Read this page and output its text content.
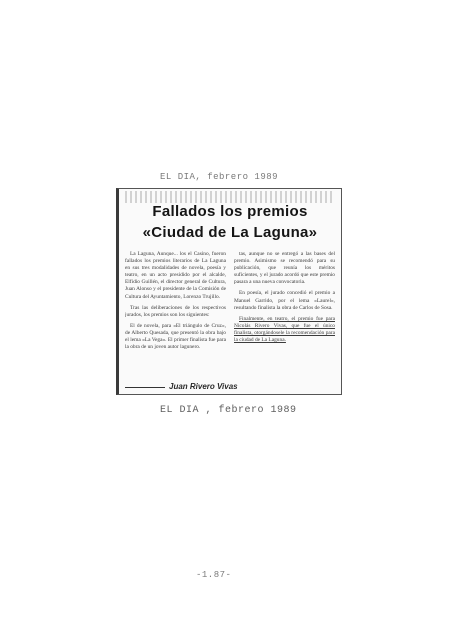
EL DIA, febrero 1989
Fallados los premios
«Ciudad de La Laguna»

La Laguna, Aunque... los el Casino, fueron fallados los premios literarios de La Laguna en sus tres modalidades de novela, poesía y teatro, en un acto presidido por el alcalde, Elfidio Guillén, el director general de Cultura, Juan Alonso y el presidente de la Comisión de Cultura del Ayuntamiento, Lorenzo Trujillo.

Tras las deliberaciones de los respectivos jurados, los premios son los siguientes:

El de novela, para «El triángulo de Cruz», de Alberto Quesada, que presentó la obra bajo el lema «La Vega». El primer finalista fue para la obra de un joven autor lagunero.

tas, aunque no se entregó a las bases del premio. Asimismo se recomendó para su publicación, que reunía los méritos suficientes, y el jurado acordó que este premio pasara a una nueva convocatoria.

En poesía, el jurado concedió el premio a Manuel Garrido, por el lema «Laurel», resultando finalista la obra de Carlos de Sosa.

Finalmente, en teatro, el premio fue para Nicolás Rivero Vivas, que fue el único finalista, otorgándosele la recomendación para la ciudad de La Laguna.

Juan Rivero Vivas
EL DIA , febrero 1989
-1.87-
